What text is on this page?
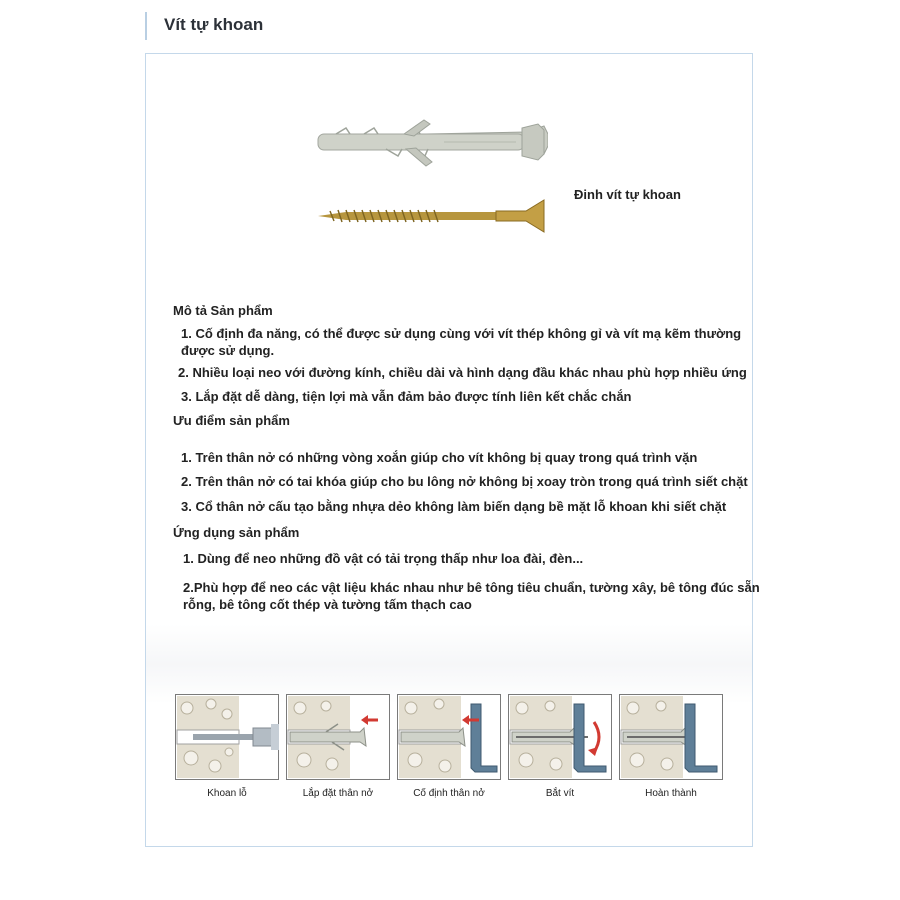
Vít tự khoan
Đinh vít tự khoan
Mô tả Sản phẩm
1. Cố định đa năng, có thể được sử dụng cùng với vít thép không gỉ và vít mạ kẽm thường
được sử dụng.
2. Nhiều loại neo với đường kính, chiều dài và hình dạng đầu khác nhau phù hợp nhiều ứng
3. Lắp đặt dễ dàng, tiện lợi mà vẫn đảm bảo được tính liên kết chắc chắn
Ưu điểm sản phẩm
1. Trên thân nở có những vòng xoắn giúp cho vít không bị quay trong quá trình vặn
2. Trên thân nở có tai khóa giúp cho bu lông nở không bị xoay tròn trong quá trình siết chặt
3. Cổ thân nở cấu tạo bằng nhựa dẻo không làm biến dạng bề mặt lỗ khoan khi siết chặt
Ứng dụng sản phẩm
1. Dùng để neo những đồ vật có tải trọng thấp như loa đài, đèn...
2.Phù hợp để neo các vật liệu khác nhau như bê tông tiêu chuẩn, tường xây, bê tông đúc sẵn
rỗng, bê tông cốt thép và tường tấm thạch cao
Khoan lỗ	Lắp đặt thân nở	Cố định thân nở	Bắt vít	Hoàn thành
